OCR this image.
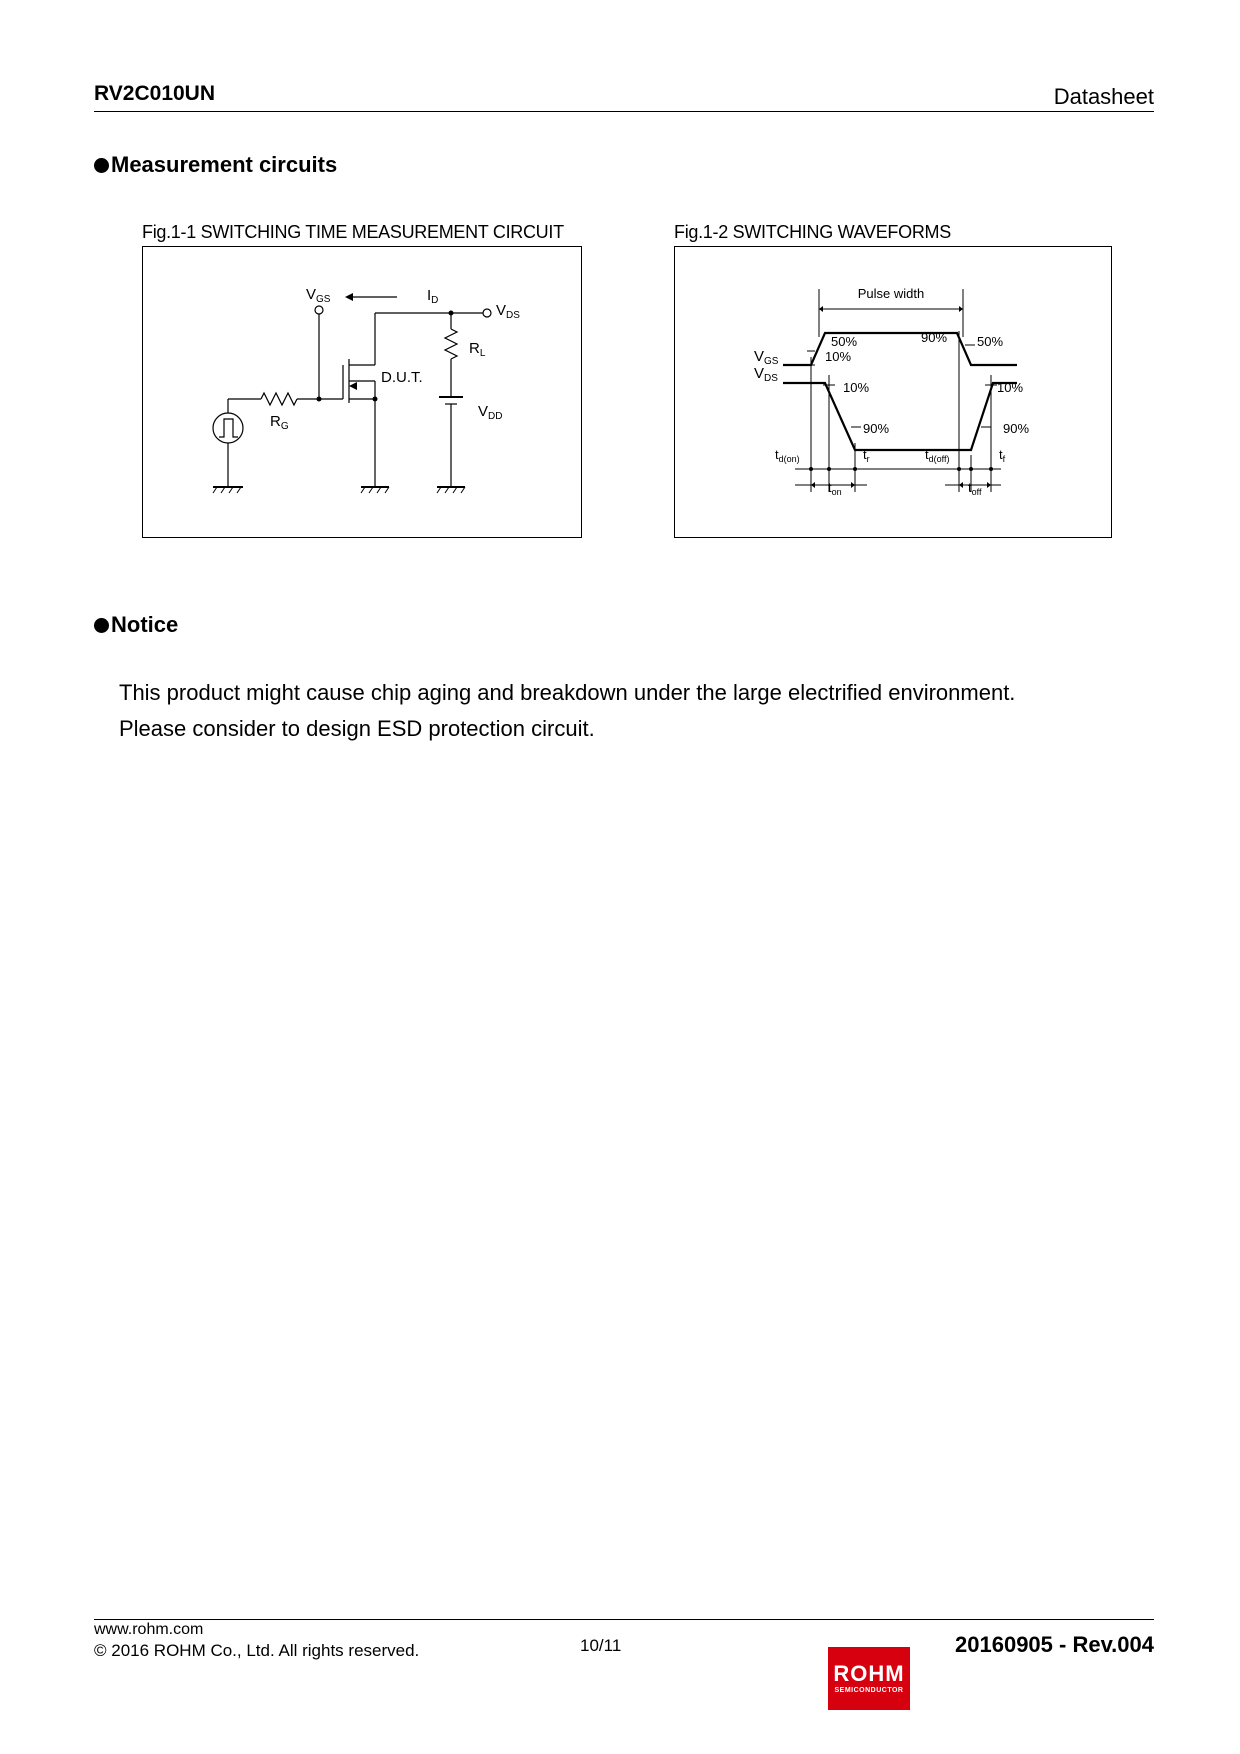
RV2C010UN	Datasheet
Measurement circuits
Fig.1-1 SWITCHING TIME MEASUREMENT CIRCUIT	Fig.1-2 SWITCHING WAVEFORMS
$V_{GS}$	$I_D$
$V_{DS}$
$R_L$
D.U.T.
$R_G$
$V_{DD}$
Pulse width
$V_{GS}$
$V_{DS}$
50%
10%
90% 50%
10%	10%
90%	90%
$t_{d(on)}$	$t_r$	$t_{d(off)}$	$t_f$
$t_{on}$	$t_{off}$
Notice
This product might cause chip aging and breakdown under the large electrified environment.
Please consider to design ESD protection circuit.
www.rohm.com
© 2016 ROHM Co., Ltd. All rights reserved.	10/11	20160905 - Rev.004
ROHM
SEMICONDUCTOR
